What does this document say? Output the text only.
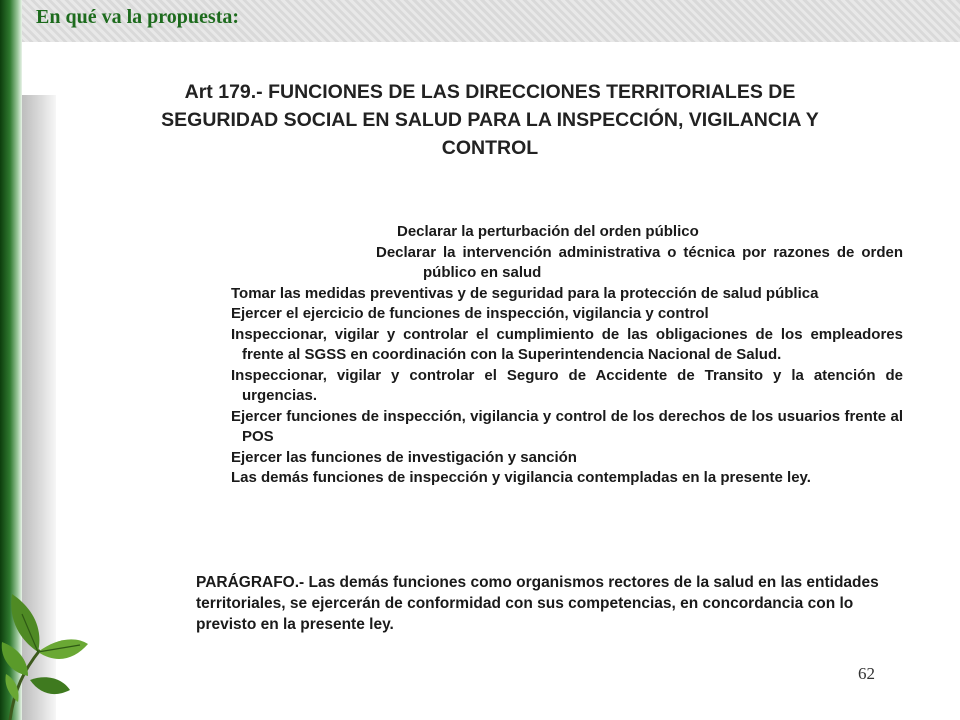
En qué va la propuesta:
Art 179.- FUNCIONES DE LAS DIRECCIONES TERRITORIALES DE
SEGURIDAD SOCIAL EN SALUD PARA LA INSPECCIÓN, VIGILANCIA Y
CONTROL
Declarar la perturbación del orden público
Declarar la intervención administrativa o técnica por razones de orden público en salud
Tomar las medidas preventivas y de seguridad para la protección de salud pública
Ejercer el ejercicio de funciones de inspección, vigilancia y control
Inspeccionar, vigilar y controlar el cumplimiento de las obligaciones de los empleadores frente al SGSS en coordinación con la Superintendencia Nacional de Salud.
Inspeccionar, vigilar y controlar el Seguro de Accidente de Transito y la atención de urgencias.
Ejercer funciones de inspección, vigilancia y control de los derechos de los usuarios frente al POS
Ejercer las funciones de investigación y sanción
Las demás funciones de inspección y vigilancia contempladas en la presente ley.

PARÁGRAFO.- Las demás funciones como organismos rectores de la salud en las entidades territoriales, se ejercerán de conformidad con sus competencias, en concordancia con lo previsto en la presente ley.

62
